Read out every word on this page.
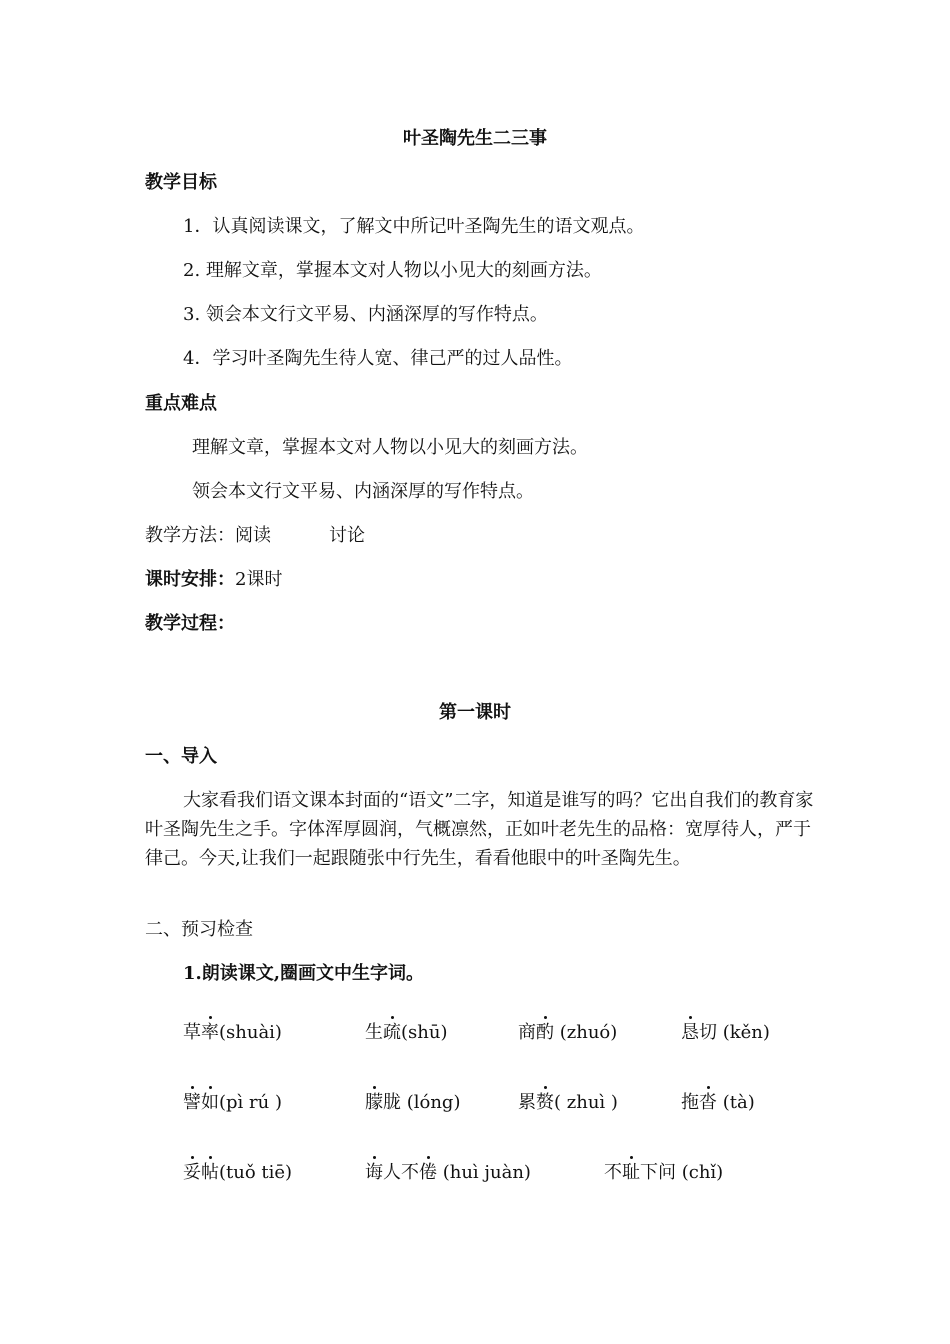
叶圣陶先生二三事
教学目标
1．认真阅读课文，了解文中所记叶圣陶先生的语文观点。
2. 理解文章，掌握本文对人物以小见大的刻画方法。
3. 领会本文行文平易、内涵深厚的写作特点。
4．学习叶圣陶先生待人宽、律己严的过人品性。
重点难点
理解文章，掌握本文对人物以小见大的刻画方法。
领会本文行文平易、内涵深厚的写作特点。
教学方法：阅读	讨论
课时安排：2课时
教学过程：
第一课时
一、导入
大家看我们语文课本封面的“语文”二字，知道是谁写的吗？它出自我们的教育家叶圣陶先生之手。字体浑厚圆润，气概凛然，正如叶老先生的品格：宽厚待人，严于律己。今天,让我们一起跟随张中行先生，看看他眼中的叶圣陶先生。
二、预习检查
1.朗读课文,圈画文中生字词。
草率(shuài)	生疏(shū)	商酌 (zhuó)	恳切 (kěn)
譬如(pì rú )	朦胧 (lóng)	累赘( zhuì )	拖沓 (tà)
妥帖(tuǒ tiē)	诲人不倦 (huì juàn)	不耻下问 (chǐ)
